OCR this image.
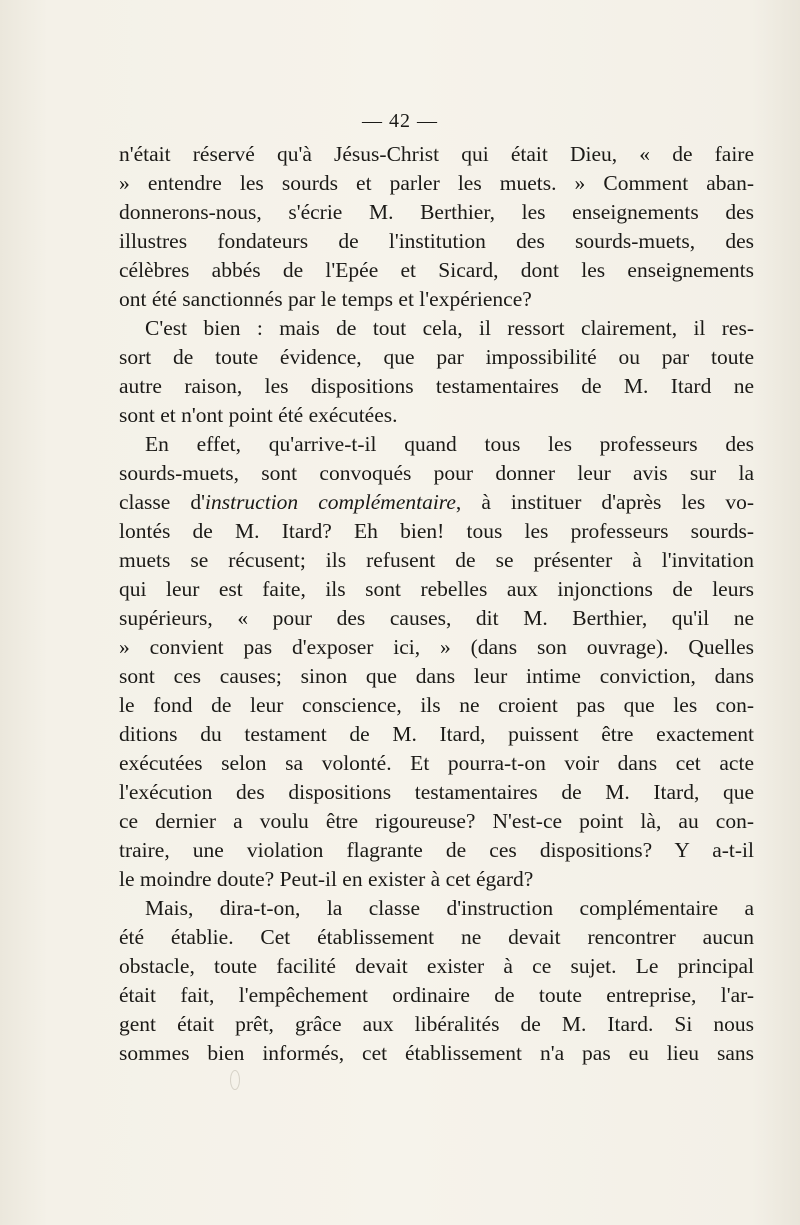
— 42 —
n'était réservé qu'à Jésus-Christ qui était Dieu, « de faire
» entendre les sourds et parler les muets. » Comment aban-
donnerons-nous, s'écrie M. Berthier, les enseignements des
illustres fondateurs de l'institution des sourds-muets, des
célèbres abbés de l'Epée et Sicard, dont les enseignements
ont été sanctionnés par le temps et l'expérience?
C'est bien : mais de tout cela, il ressort clairement, il res-
sort de toute évidence, que par impossibilité ou par toute
autre raison, les dispositions testamentaires de M. Itard ne
sont et n'ont point été exécutées.
En effet, qu'arrive-t-il quand tous les professeurs des
sourds-muets, sont convoqués pour donner leur avis sur la
classe d'instruction complémentaire, à instituer d'après les vo-
lontés de M. Itard? Eh bien! tous les professeurs sourds-
muets se récusent; ils refusent de se présenter à l'invitation
qui leur est faite, ils sont rebelles aux injonctions de leurs
supérieurs, « pour des causes, dit M. Berthier, qu'il ne
» convient pas d'exposer ici, » (dans son ouvrage). Quelles
sont ces causes; sinon que dans leur intime conviction, dans
le fond de leur conscience, ils ne croient pas que les con-
ditions du testament de M. Itard, puissent être exactement
exécutées selon sa volonté. Et pourra-t-on voir dans cet acte
l'exécution des dispositions testamentaires de M. Itard, que
ce dernier a voulu être rigoureuse? N'est-ce point là, au con-
traire, une violation flagrante de ces dispositions? Y a-t-il
le moindre doute? Peut-il en exister à cet égard?
Mais, dira-t-on, la classe d'instruction complémentaire a
été établie. Cet établissement ne devait rencontrer aucun
obstacle, toute facilité devait exister à ce sujet. Le principal
était fait, l'empêchement ordinaire de toute entreprise, l'ar-
gent était prêt, grâce aux libéralités de M. Itard. Si nous
sommes bien informés, cet établissement n'a pas eu lieu sans
